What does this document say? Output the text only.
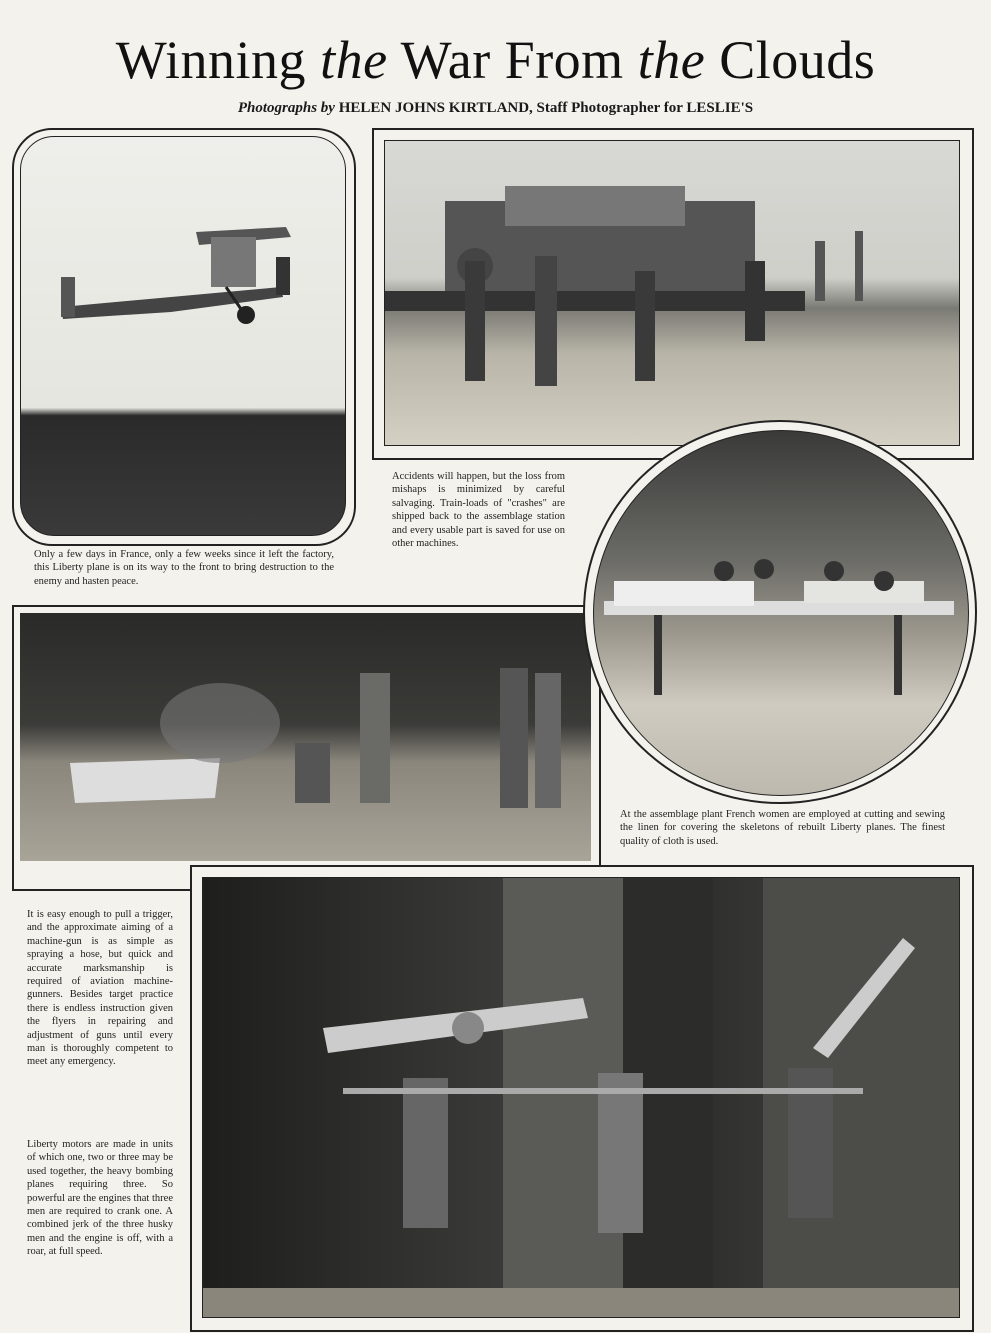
Winning the War From the Clouds
Photographs by HELEN JOHNS KIRTLAND, Staff Photographer for LESLIE'S
Only a few days in France, only a few weeks since it left the factory, this Liberty plane is on its way to the front to bring destruction to the enemy and hasten peace.
Accidents will happen, but the loss from mishaps is minimized by careful salvaging. Train-loads of "crashes" are shipped back to the assemblage station and every usable part is saved for use on other machines.
At the assemblage plant French women are employed at cutting and sewing the linen for covering the skeletons of rebuilt Liberty planes. The finest quality of cloth is used.
It is easy enough to pull a trigger, and the approximate aiming of a machine-gun is as simple as spraying a hose, but quick and accurate marksmanship is required of aviation machine-gunners. Besides target practice there is endless instruction given the flyers in repairing and adjustment of guns until every man is thoroughly competent to meet any emergency.
Liberty motors are made in units of which one, two or three may be used together, the heavy bombing planes requiring three. So powerful are the engines that three men are required to crank one. A combined jerk of the three husky men and the engine is off, with a roar, at full speed.
